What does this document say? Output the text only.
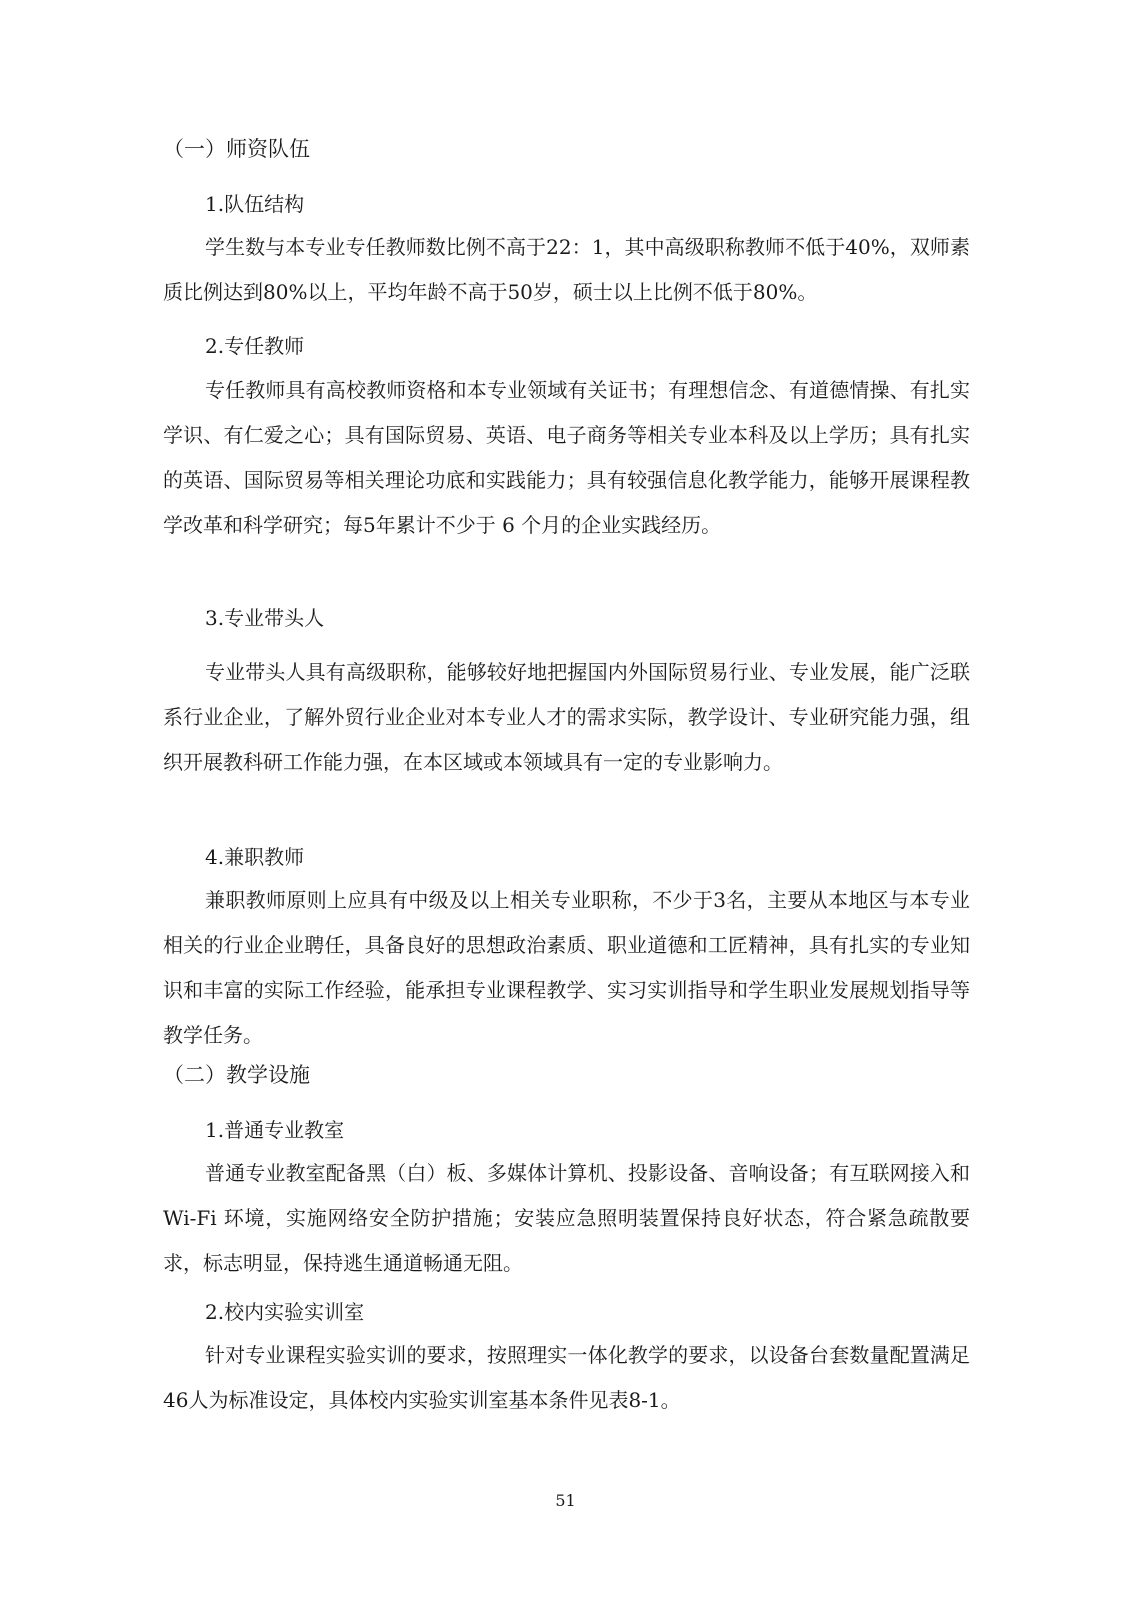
（一）师资队伍
1.队伍结构

学生数与本专业专任教师数比例不高于22：1，其中高级职称教师不低于40%，双师素质比例达到80%以上，平均年龄不高于50岁，硕士以上比例不低于80%。

2.专任教师

专任教师具有高校教师资格和本专业领域有关证书；有理想信念、有道德情操、有扎实学识、有仁爱之心；具有国际贸易、英语、电子商务等相关专业本科及以上学历；具有扎实的英语、国际贸易等相关理论功底和实践能力；具有较强信息化教学能力，能够开展课程教学改革和科学研究；每5年累计不少于 6 个月的企业实践经历。

3.专业带头人

专业带头人具有高级职称，能够较好地把握国内外国际贸易行业、专业发展，能广泛联系行业企业，了解外贸行业企业对本专业人才的需求实际，教学设计、专业研究能力强，组织开展教科研工作能力强，在本区域或本领域具有一定的专业影响力。

4.兼职教师

兼职教师原则上应具有中级及以上相关专业职称，不少于3名，主要从本地区与本专业相关的行业企业聘任，具备良好的思想政治素质、职业道德和工匠精神，具有扎实的专业知识和丰富的实际工作经验，能承担专业课程教学、实习实训指导和学生职业发展规划指导等教学任务。

（二）教学设施
1.普通专业教室

普通专业教室配备黑（白）板、多媒体计算机、投影设备、音响设备；有互联网接入和 Wi-Fi 环境，实施网络安全防护措施；安装应急照明装置保持良好状态，符合紧急疏散要求，标志明显，保持逃生通道畅通无阻。

2.校内实验实训室

针对专业课程实验实训的要求，按照理实一体化教学的要求，以设备台套数量配置满足46人为标准设定，具体校内实验实训室基本条件见表8-1。

51
